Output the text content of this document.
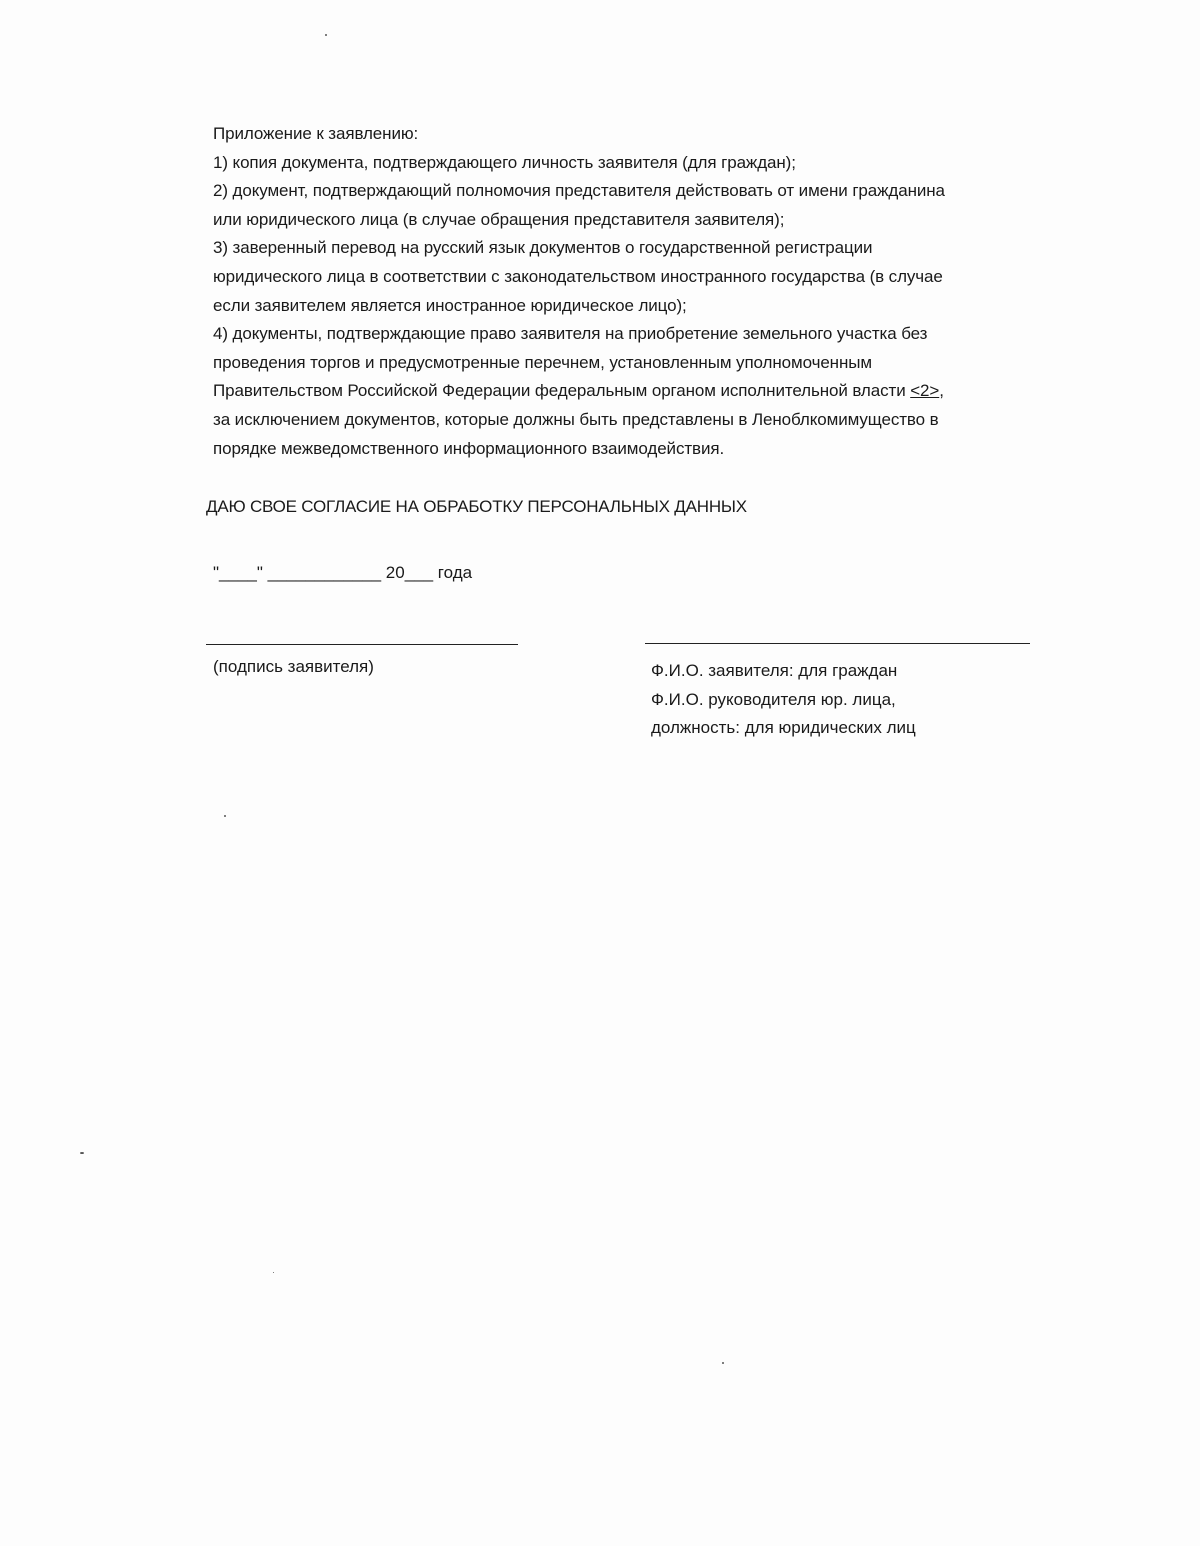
Приложение к заявлению:
1) копия документа, подтверждающего личность заявителя (для граждан);
2) документ, подтверждающий полномочия представителя действовать от имени гражданина
или юридического лица (в случае обращения представителя заявителя);
3) заверенный перевод на русский язык документов о государственной регистрации
юридического лица в соответствии с законодательством иностранного государства (в случае
если заявителем является иностранное юридическое лицо);
4) документы, подтверждающие право заявителя на приобретение земельного участка без
проведения торгов и предусмотренные перечнем, установленным уполномоченным
Правительством Российской Федерации федеральным органом исполнительной власти <2>,
за исключением документов, которые должны быть представлены в Леноблкомимущество в
порядке межведомственного информационного взаимодействия.
ДАЮ СВОЕ СОГЛАСИЕ НА ОБРАБОТКУ ПЕРСОНАЛЬНЫХ ДАННЫХ
"____" ____________ 20___ года
(подпись заявителя)	Ф.И.О. заявителя: для граждан
Ф.И.О. руководителя юр. лица,
должность: для юридических лиц
